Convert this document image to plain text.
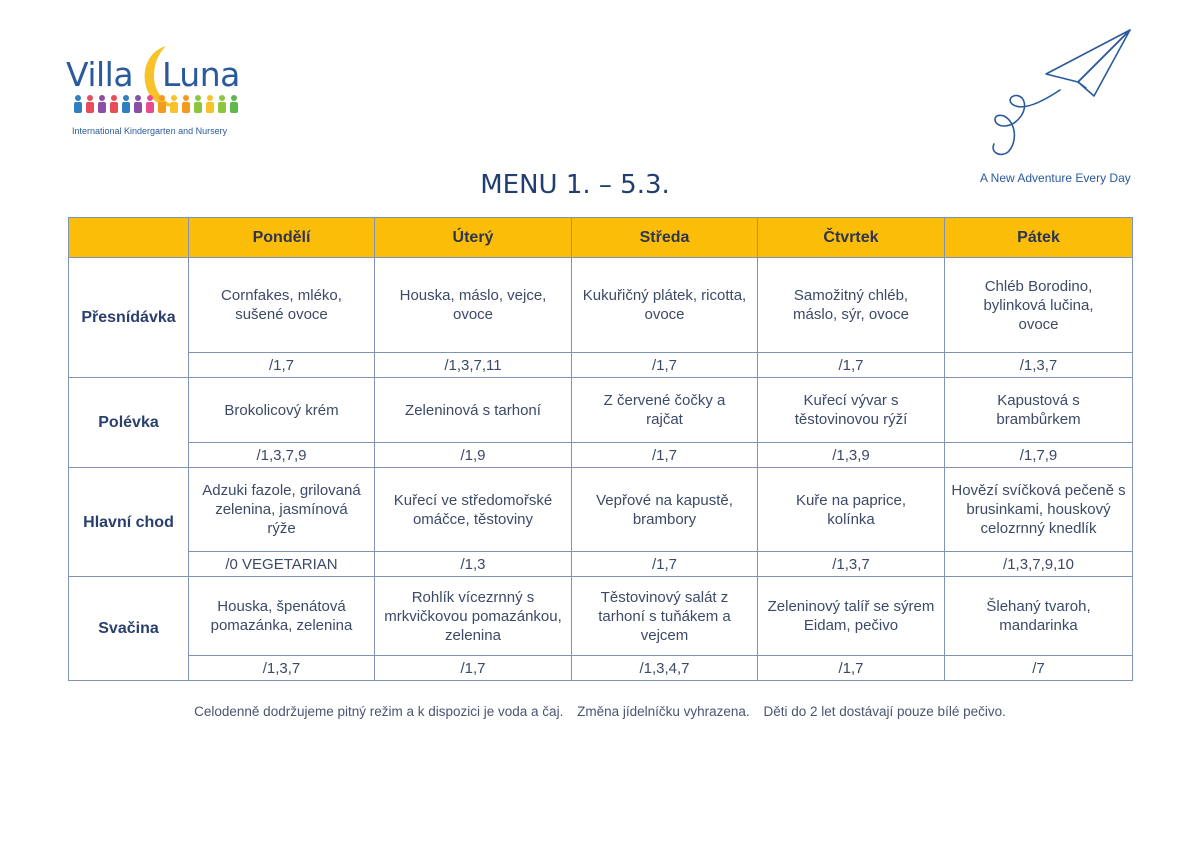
Villa Luna
International Kindergarten and Nursery
A New Adventure Every Day
MENU 1. – 5.3.
	Pondělí	Úterý	Středa	Čtvrtek	Pátek
Přesnídávka	Cornfakes, mléko, sušené ovoce	Houska, máslo, vejce, ovoce	Kukuřičný plátek, ricotta, ovoce	Samožitný chléb, máslo, sýr, ovoce	Chléb Borodino, bylinková lučina, ovoce
	/1,7	/1,3,7,11	/1,7	/1,7	/1,3,7
Polévka	Brokolicový krém	Zeleninová s tarhoní	Z červené čočky a rajčat	Kuřecí vývar s těstovinovou rýží	Kapustová s brambůrkem
	/1,3,7,9	/1,9	/1,7	/1,3,9	/1,7,9
Hlavní chod	Adzuki fazole, grilovaná zelenina, jasmínová rýže	Kuřecí ve středomořské omáčce, těstoviny	Vepřové na kapustě, brambory	Kuře na paprice, kolínka	Hovězí svíčková pečeně s brusinkami, houskový celozrnný knedlík
	/0 VEGETARIAN	/1,3	/1,7	/1,3,7	/1,3,7,9,10
Svačina	Houska, špenátová pomazánka, zelenina	Rohlík vícezrnný s mrkvičkovou pomazánkou, zelenina	Těstovinový salát z tarhoní s tuňákem a vejcem	Zeleninový talíř se sýrem Eidam, pečivo	Šlehaný tvaroh, mandarinka
	/1,3,7	/1,7	/1,3,4,7	/1,7	/7
Celodenně dodržujeme pitný režim a k dispozici je voda a čaj. Změna jídelníčku vyhrazena. Děti do 2 let dostávají pouze bílé pečivo.
